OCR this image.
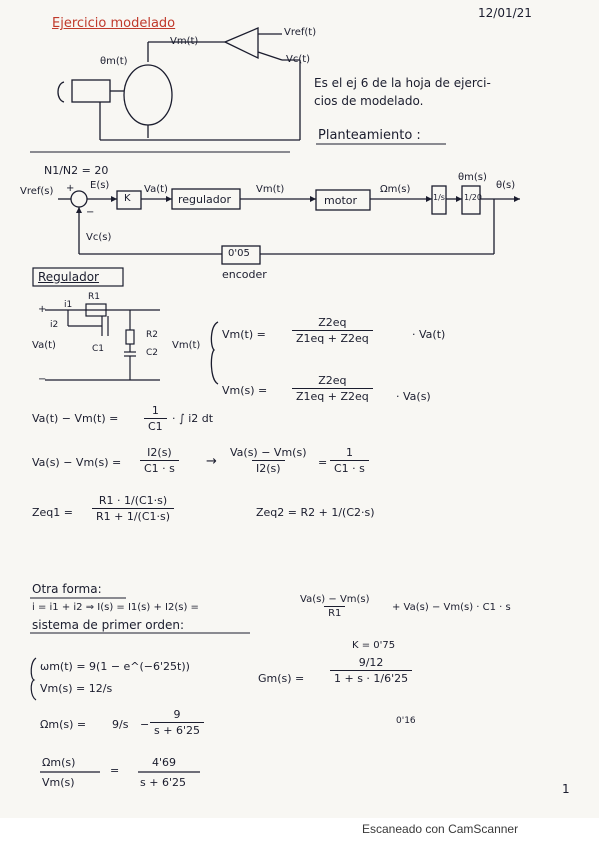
Ejercicio modelado
12/01/21
Vm(t)
Vref(t)
Vc(t)
θm(t)
Es el ej 6 de la hoja de ejerci-
cios de modelado.
Planteamiento :
N1/N2 = 20
Vref(s) +
−
E(s)
K
Va(t)
regulador
Vm(t)
motor
Ωm(s)
1/s
θm(s)
1/20
θ(s)
Vc(s)
0'05
encoder
Regulador
R1
i1
i2
R2
C1	C2
Va(t)	Vm(t)
+
−
$Vm(t) = \frac{Z2eq}{Z1eq + Z2eq}$	· Va(t)
$Vm(s) = \frac{Z2eq}{Z1eq + Z2eq} \cdot Va(s)$
$Va(t) - Vm(t) = \frac{1}{C1}$ · ∫ i2 dt
$Va(s) - Vm(s) = \frac{I2(s)}{C1 \cdot s} \to \frac{Va(s) - Vm(s)}{I2(s)} = \frac{1}{C1 \cdot s}$
$Zeq1 = \frac{R1 \cdot 1/(C1\cdot s)}{R1 + 1/(C1\cdot s)}$	Zeq2 = R2 + 1/(C2·s)
Otra forma:
i = i1 + i2 ⇒ I(s) = I1(s) + I2(s) =	$\frac{Va(s) - Vm(s)}{R1} + Va(s) - Vm(s) \cdot C1 \cdot s$
sistema de primer orden:
ωm(t) = 9(1 − e^(−6'25t))
Vm(s) = 12/s
K = 0'75
$Gm(s) = \frac{9/12}{1 + s \cdot 1/6'25}$
0'16
$\Omega m(s) = 9/s - \frac{9}{s + 6'25}$
Ωm(s)
Vm(s)
=
4'69
s + 6'25	1
Escaneado con CamScanner
